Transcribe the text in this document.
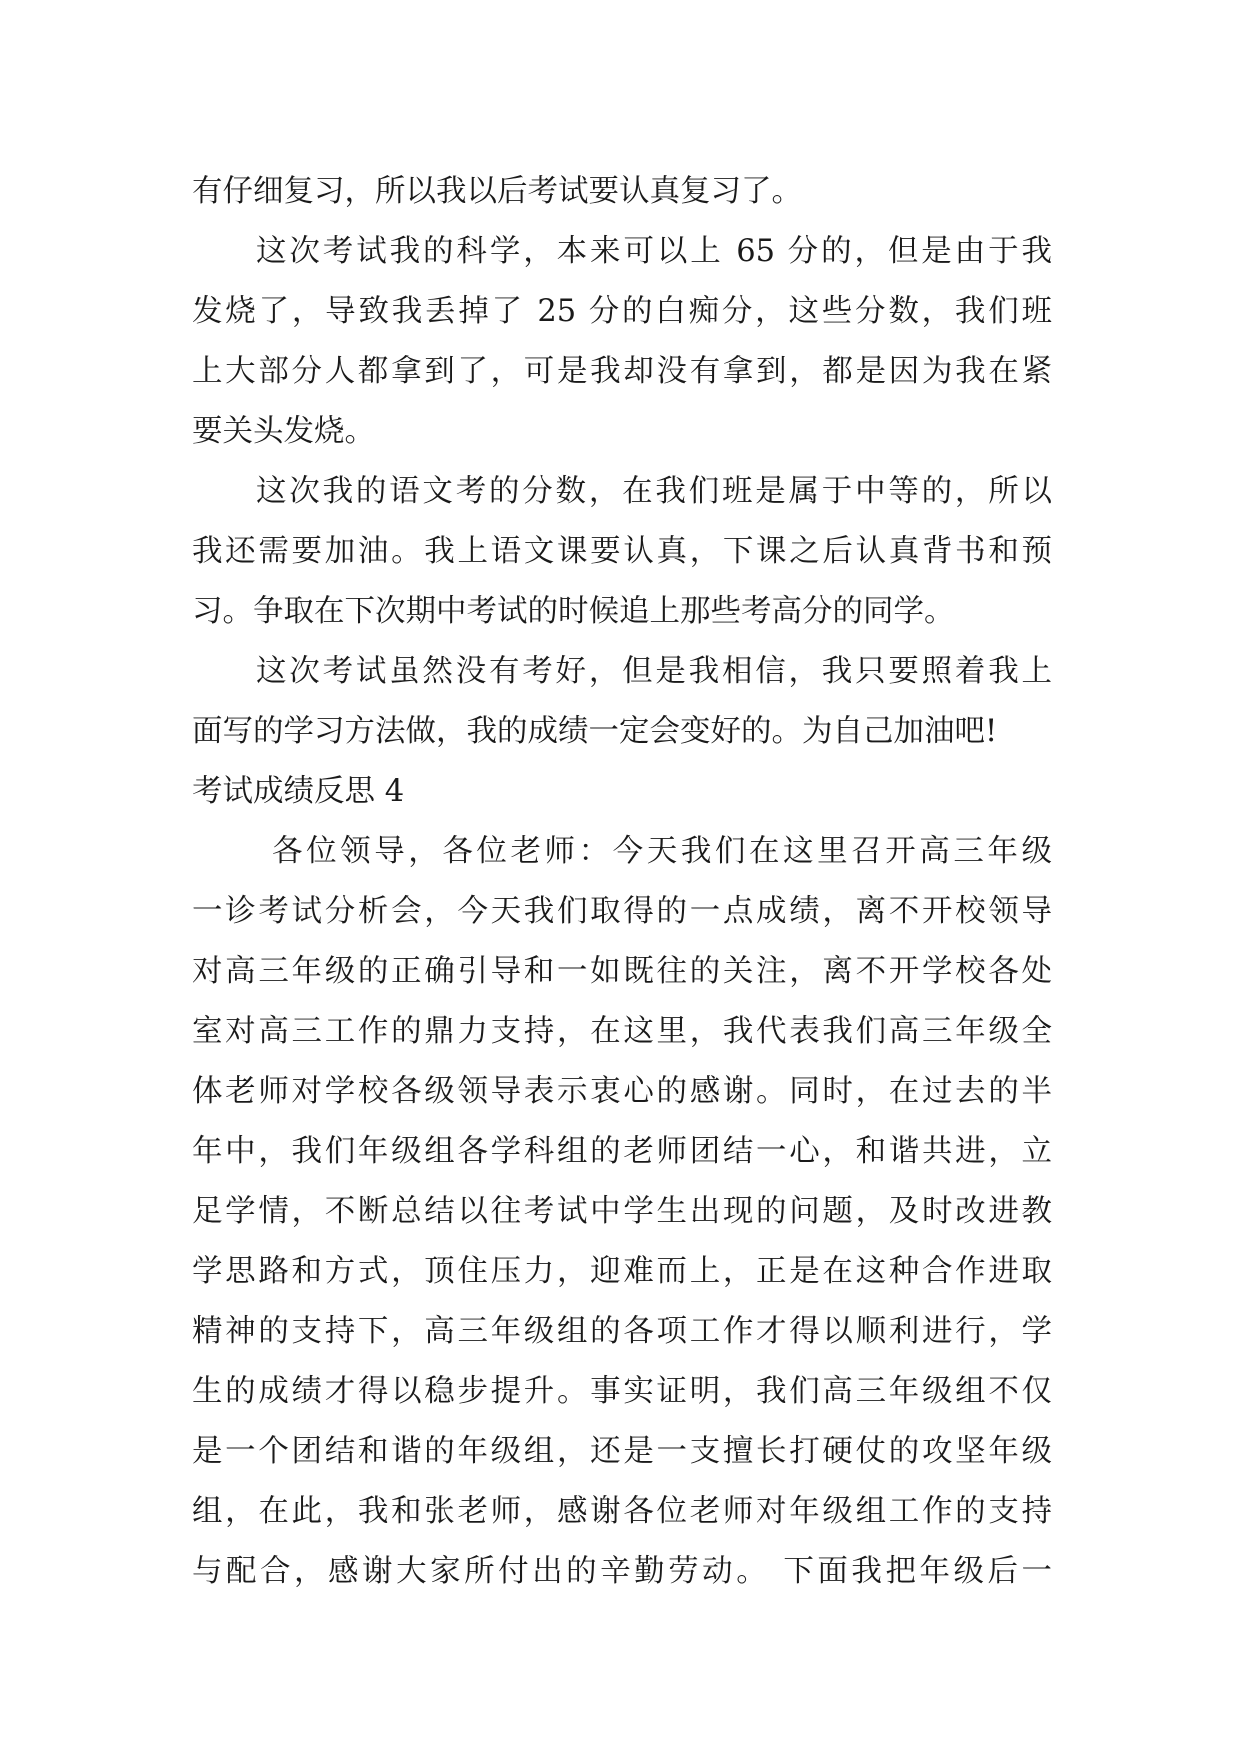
有仔细复习，所以我以后考试要认真复习了。
这次考试我的科学，本来可以上 65 分的，但是由于我
发烧了，导致我丢掉了 25 分的白痴分，这些分数，我们班
上大部分人都拿到了，可是我却没有拿到，都是因为我在紧
要关头发烧。
这次我的语文考的分数，在我们班是属于中等的，所以
我还需要加油。我上语文课要认真，下课之后认真背书和预
习。争取在下次期中考试的时候追上那些考高分的同学。
这次考试虽然没有考好，但是我相信，我只要照着我上
面写的学习方法做，我的成绩一定会变好的。为自己加油吧!
考试成绩反思 4
各位领导，各位老师：今天我们在这里召开高三年级
一诊考试分析会，今天我们取得的一点成绩，离不开校领导
对高三年级的正确引导和一如既往的关注，离不开学校各处
室对高三工作的鼎力支持，在这里，我代表我们高三年级全
体老师对学校各级领导表示衷心的感谢。同时，在过去的半
年中，我们年级组各学科组的老师团结一心，和谐共进，立
足学情，不断总结以往考试中学生出现的问题，及时改进教
学思路和方式，顶住压力，迎难而上，正是在这种合作进取
精神的支持下，高三年级组的各项工作才得以顺利进行，学
生的成绩才得以稳步提升。事实证明，我们高三年级组不仅
是一个团结和谐的年级组，还是一支擅长打硬仗的攻坚年级
组，在此，我和张老师，感谢各位老师对年级组工作的支持
与配合，感谢大家所付出的辛勤劳动。 下面我把年级后一
